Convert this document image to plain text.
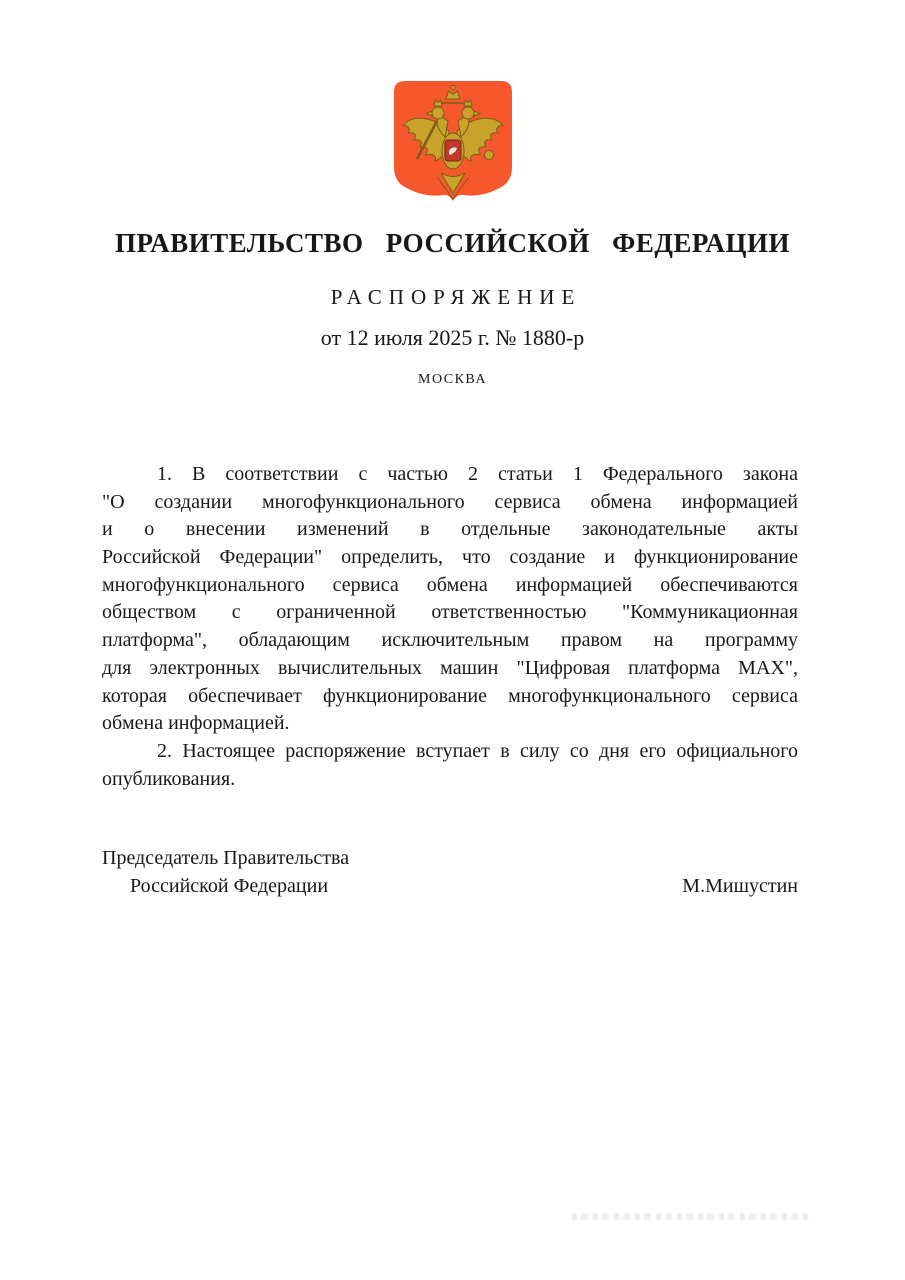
ПРАВИТЕЛЬСТВО РОССИЙСКОЙ ФЕДЕРАЦИИ
РАСПОРЯЖЕНИЕ
от 12 июля 2025 г. № 1880-р
МОСКВА
1. В соответствии с частью 2 статьи 1 Федерального закона
"О создании многофункционального сервиса обмена информацией
и о внесении изменений в отдельные законодательные акты
Российской Федерации" определить, что создание и функционирование
многофункционального сервиса обмена информацией обеспечиваются
обществом с ограниченной ответственностью "Коммуникационная
платформа", обладающим исключительным правом на программу
для электронных вычислительных машин "Цифровая платформа MAX",
которая обеспечивает функционирование многофункционального сервиса
обмена информацией.
2. Настоящее распоряжение вступает в силу со дня его официального
опубликования.
Председатель Правительства
Российской Федерации	М.Мишустин
